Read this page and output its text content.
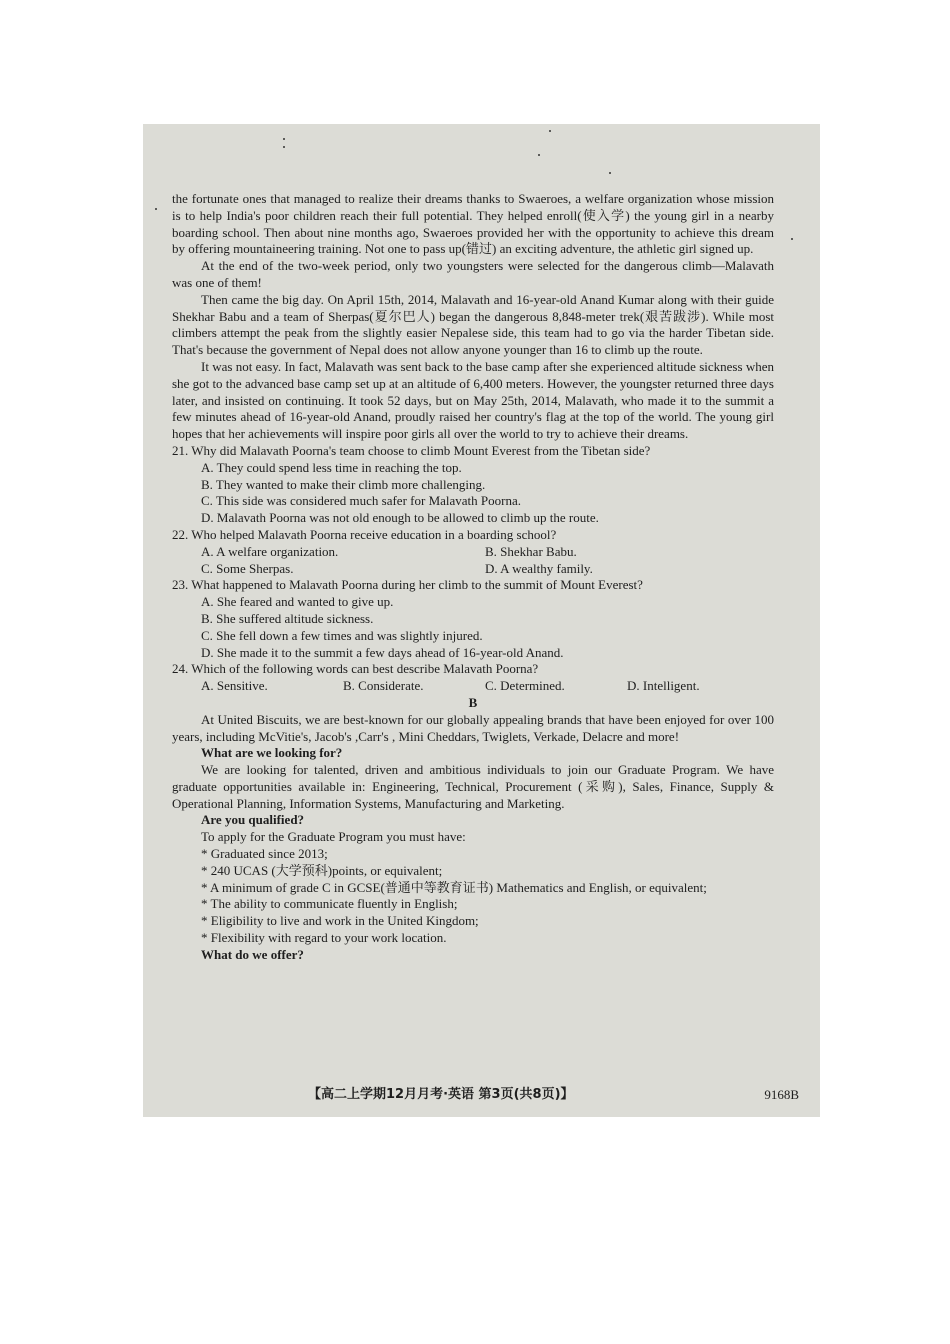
the fortunate ones that managed to realize their dreams thanks to Swaeroes, a welfare organization whose mission is to help India's poor children reach their full potential. They helped enroll(使入学) the young girl in a nearby boarding school. Then about nine months ago, Swaeroes provided her with the opportunity to achieve this dream by offering mountaineering training. Not one to pass up(错过) an exciting adventure, the athletic girl signed up.

At the end of the two-week period, only two youngsters were selected for the dangerous climb—Malavath was one of them!

Then came the big day. On April 15th, 2014, Malavath and 16-year-old Anand Kumar along with their guide Shekhar Babu and a team of Sherpas(夏尔巴人) began the dangerous 8,848-meter trek(艰苦跋涉). While most climbers attempt the peak from the slightly easier Nepalese side, this team had to go via the harder Tibetan side. That's because the government of Nepal does not allow anyone younger than 16 to climb up the route.

It was not easy. In fact, Malavath was sent back to the base camp after she experienced altitude sickness when she got to the advanced base camp set up at an altitude of 6,400 meters. However, the youngster returned three days later, and insisted on continuing. It took 52 days, but on May 25th, 2014, Malavath, who made it to the summit a few minutes ahead of 16-year-old Anand, proudly raised her country's flag at the top of the world. The young girl hopes that her achievements will inspire poor girls all over the world to try to achieve their dreams.

21. Why did Malavath Poorna's team choose to climb Mount Everest from the Tibetan side?

A. They could spend less time in reaching the top.

B. They wanted to make their climb more challenging.

C. This side was considered much safer for Malavath Poorna.

D. Malavath Poorna was not old enough to be allowed to climb up the route.

22. Who helped Malavath Poorna receive education in a boarding school?

A. A welfare organization.	B. Shekhar Babu.
C. Some Sherpas.	D. A wealthy family.

23. What happened to Malavath Poorna during her climb to the summit of Mount Everest?

A. She feared and wanted to give up.

B. She suffered altitude sickness.

C. She fell down a few times and was slightly injured.

D. She made it to the summit a few days ahead of 16-year-old Anand.

24. Which of the following words can best describe Malavath Poorna?

A. Sensitive.	B. Considerate.	C. Determined.	D. Intelligent.

B

At United Biscuits, we are best-known for our globally appealing brands that have been enjoyed for over 100 years, including McVitie's, Jacob's ,Carr's , Mini Cheddars, Twiglets, Verkade, Delacre and more!

What are we looking for?

We are looking for talented, driven and ambitious individuals to join our Graduate Program. We have graduate opportunities available in: Engineering, Technical, Procurement (采购), Sales, Finance, Supply & Operational Planning, Information Systems, Manufacturing and Marketing.

Are you qualified?

To apply for the Graduate Program you must have:

* Graduated since 2013;

* 240 UCAS (大学预科)points, or equivalent;

* A minimum of grade C in GCSE(普通中等教育证书) Mathematics and English, or equivalent;

* The ability to communicate fluently in English;

* Eligibility to live and work in the United Kingdom;

* Flexibility with regard to your work location.

What do we offer?

【高二上学期12月月考·英语 第3页(共8页)】	9168B
